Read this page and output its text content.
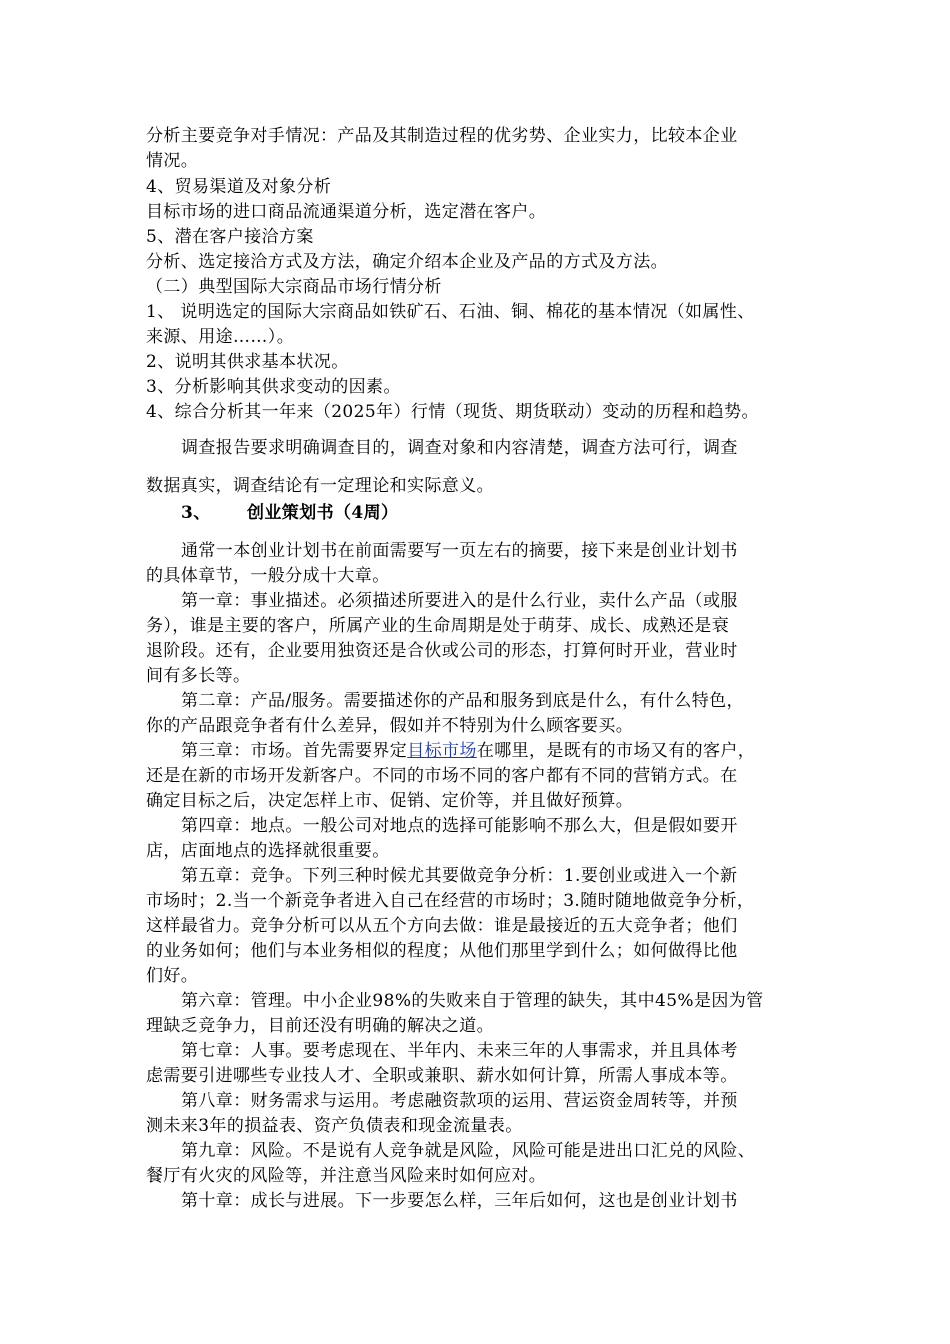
分析主要竞争对手情况：产品及其制造过程的优劣势、企业实力，比较本企业
情况。
4、贸易渠道及对象分析
目标市场的进口商品流通渠道分析，选定潜在客户。
5、潜在客户接洽方案
分析、选定接洽方式及方法，确定介绍本企业及产品的方式及方法。
（二）典型国际大宗商品市场行情分析
1、 说明选定的国际大宗商品如铁矿石、石油、铜、棉花的基本情况（如属性、
来源、用途……）。
2、说明其供求基本状况。
3、分析影响其供求变动的因素。
4、综合分析其一年来（2025年）行情（现货、期货联动）变动的历程和趋势。
调查报告要求明确调查目的，调查对象和内容清楚，调查方法可行，调查
数据真实，调查结论有一定理论和实际意义。
3、 创业策划书（4周）
通常一本创业计划书在前面需要写一页左右的摘要，接下来是创业计划书
的具体章节，一般分成十大章。
第一章：事业描述。必须描述所要进入的是什么行业，卖什么产品（或服
务），谁是主要的客户，所属产业的生命周期是处于萌芽、成长、成熟还是衰
退阶段。还有，企业要用独资还是合伙或公司的形态，打算何时开业，营业时
间有多长等。
第二章：产品/服务。需要描述你的产品和服务到底是什么，有什么特色，
你的产品跟竞争者有什么差异，假如并不特别为什么顾客要买。
第三章：市场。首先需要界定目标市场在哪里，是既有的市场又有的客户，
还是在新的市场开发新客户。不同的市场不同的客户都有不同的营销方式。在
确定目标之后，决定怎样上市、促销、定价等，并且做好预算。
第四章：地点。一般公司对地点的选择可能影响不那么大，但是假如要开
店，店面地点的选择就很重要。
第五章：竞争。下列三种时候尤其要做竞争分析：1.要创业或进入一个新
市场时；2.当一个新竞争者进入自己在经营的市场时；3.随时随地做竞争分析，
这样最省力。竞争分析可以从五个方向去做：谁是最接近的五大竞争者；他们
的业务如何；他们与本业务相似的程度；从他们那里学到什么；如何做得比他
们好。
第六章：管理。中小企业98%的失败来自于管理的缺失，其中45%是因为管
理缺乏竞争力，目前还没有明确的解决之道。
第七章：人事。要考虑现在、半年内、未来三年的人事需求，并且具体考
虑需要引进哪些专业技人才、全职或兼职、薪水如何计算，所需人事成本等。
第八章：财务需求与运用。考虑融资款项的运用、营运资金周转等，并预
测未来3年的损益表、资产负债表和现金流量表。
第九章：风险。不是说有人竞争就是风险，风险可能是进出口汇兑的风险、
餐厅有火灾的风险等，并注意当风险来时如何应对。
第十章：成长与进展。下一步要怎么样，三年后如何，这也是创业计划书
